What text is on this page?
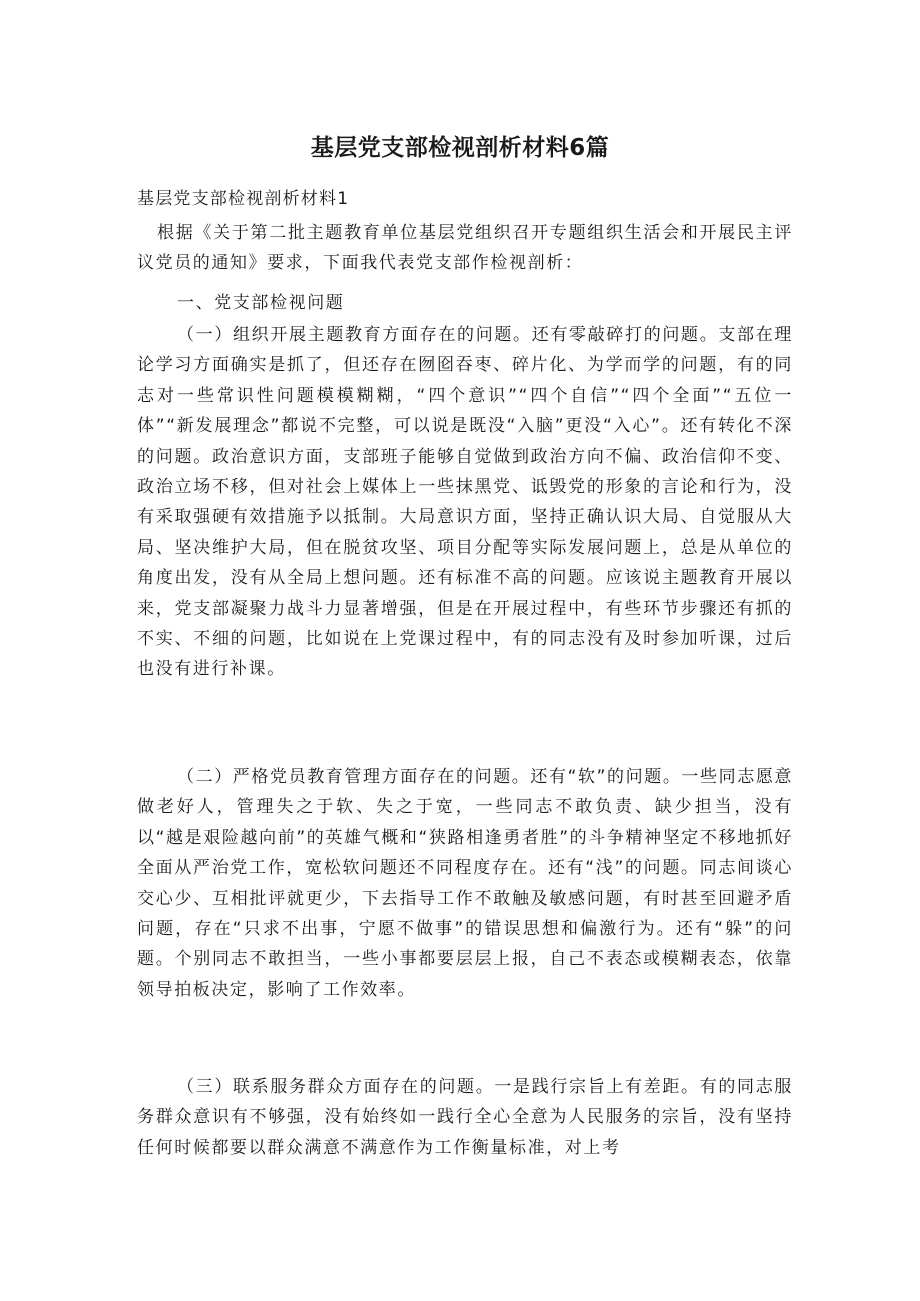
基层党支部检视剖析材料6篇
基层党支部检视剖析材料1

根据《关于第二批主题教育单位基层党组织召开专题组织生活会和开展民主评议党员的通知》要求，下面我代表党支部作检视剖析：

一、党支部检视问题

（一）组织开展主题教育方面存在的问题。还有零敲碎打的问题。支部在理论学习方面确实是抓了，但还存在囫囵吞枣、碎片化、为学而学的问题，有的同志对一些常识性问题模模糊糊，“四个意识”“四个自信”“四个全面”“五位一体”“新发展理念”都说不完整，可以说是既没“入脑”更没“入心”。还有转化不深的问题。政治意识方面，支部班子能够自觉做到政治方向不偏、政治信仰不变、政治立场不移，但对社会上媒体上一些抹黑党、诋毁党的形象的言论和行为，没有采取强硬有效措施予以抵制。大局意识方面，坚持正确认识大局、自觉服从大局、坚决维护大局，但在脱贫攻坚、项目分配等实际发展问题上，总是从单位的角度出发，没有从全局上想问题。还有标准不高的问题。应该说主题教育开展以来，党支部凝聚力战斗力显著增强，但是在开展过程中，有些环节步骤还有抓的不实、不细的问题，比如说在上党课过程中，有的同志没有及时参加听课，过后也没有进行补课。

（二）严格党员教育管理方面存在的问题。还有“软”的问题。一些同志愿意做老好人，管理失之于软、失之于宽，一些同志不敢负责、缺少担当，没有以“越是艰险越向前”的英雄气概和“狭路相逢勇者胜”的斗争精神坚定不移地抓好全面从严治党工作，宽松软问题还不同程度存在。还有“浅”的问题。同志间谈心交心少、互相批评就更少，下去指导工作不敢触及敏感问题，有时甚至回避矛盾问题，存在“只求不出事，宁愿不做事”的错误思想和偏激行为。还有“躲”的问题。个别同志不敢担当，一些小事都要层层上报，自己不表态或模糊表态，依靠领导拍板决定，影响了工作效率。

（三）联系服务群众方面存在的问题。一是践行宗旨上有差距。有的同志服务群众意识有不够强，没有始终如一践行全心全意为人民服务的宗旨，没有坚持任何时候都要以群众满意不满意作为工作衡量标准，对上考
